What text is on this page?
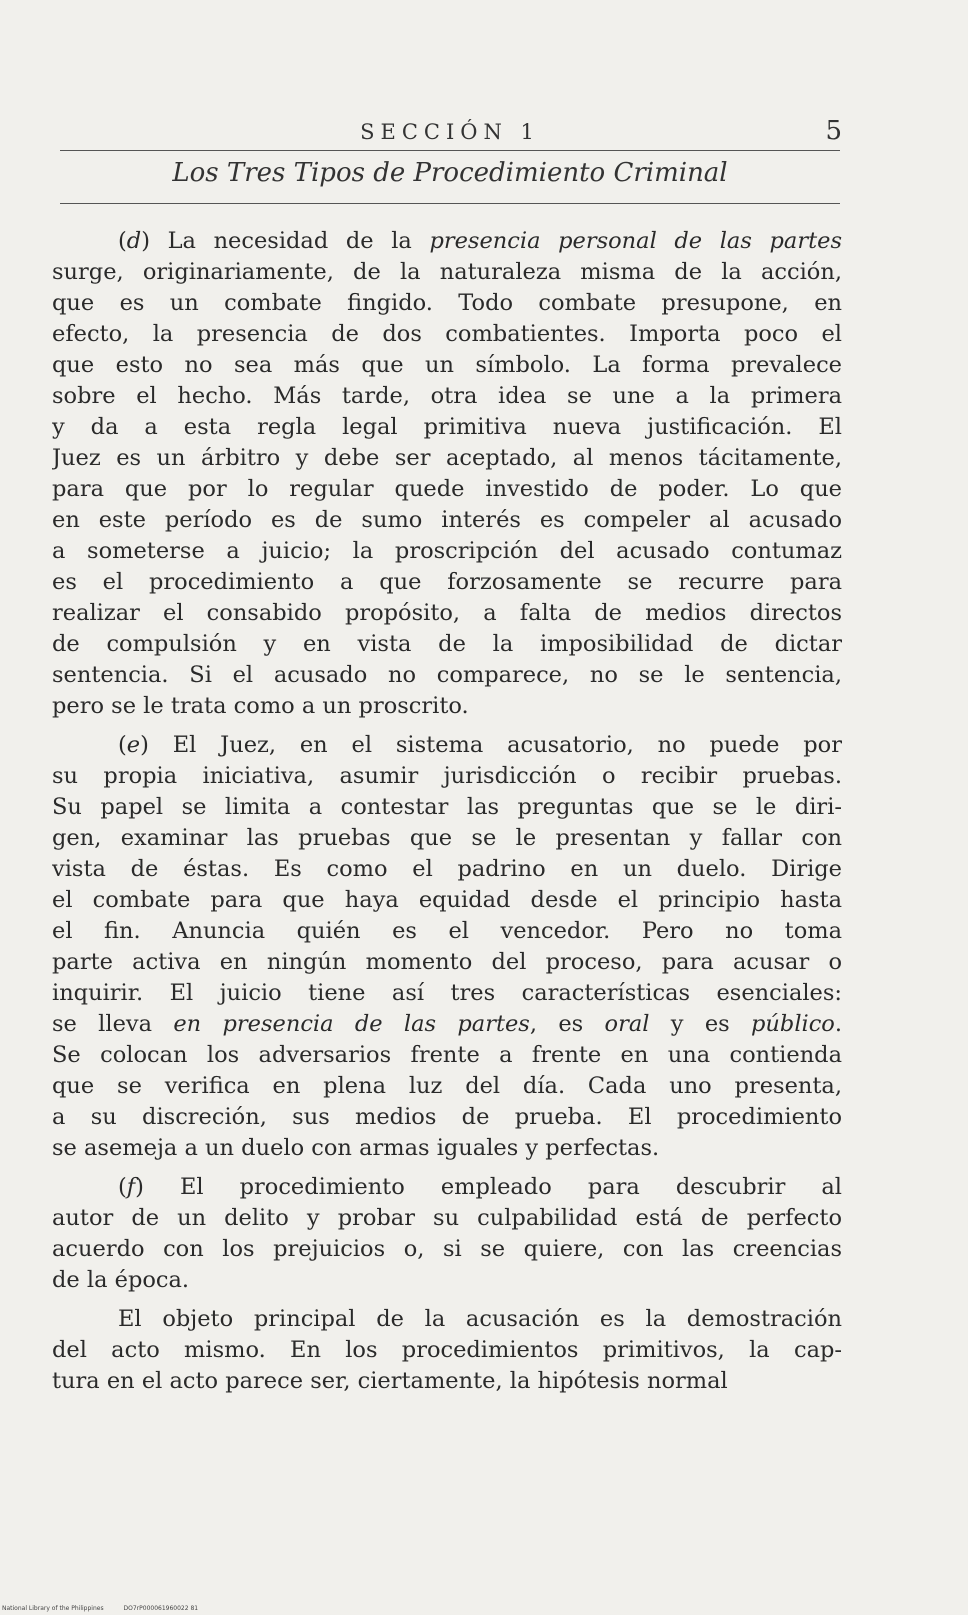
SECCIÓN 1	5
Los Tres Tipos de Procedimiento Criminal
(d) La necesidad de la presencia personal de las partes
surge, originariamente, de la naturaleza misma de la acción,
que es un combate fingido. Todo combate presupone, en
efecto, la presencia de dos combatientes. Importa poco el
que esto no sea más que un símbolo. La forma prevalece
sobre el hecho. Más tarde, otra idea se une a la primera
y da a esta regla legal primitiva nueva justificación. El
Juez es un árbitro y debe ser aceptado, al menos tácitamente,
para que por lo regular quede investido de poder. Lo que
en este período es de sumo interés es compeler al acusado
a someterse a juicio; la proscripción del acusado contumaz
es el procedimiento a que forzosamente se recurre para
realizar el consabido propósito, a falta de medios directos
de compulsión y en vista de la imposibilidad de dictar
sentencia. Si el acusado no comparece, no se le sentencia,
pero se le trata como a un proscrito.
(e) El Juez, en el sistema acusatorio, no puede por
su propia iniciativa, asumir jurisdicción o recibir pruebas.
Su papel se limita a contestar las preguntas que se le diri-
gen, examinar las pruebas que se le presentan y fallar con
vista de éstas. Es como el padrino en un duelo. Dirige
el combate para que haya equidad desde el principio hasta
el fin. Anuncia quién es el vencedor. Pero no toma
parte activa en ningún momento del proceso, para acusar o
inquirir. El juicio tiene así tres características esenciales:
se lleva en presencia de las partes, es oral y es público.
Se colocan los adversarios frente a frente en una contienda
que se verifica en plena luz del día. Cada uno presenta,
a su discreción, sus medios de prueba. El procedimiento
se asemeja a un duelo con armas iguales y perfectas.
(f) El procedimiento empleado para descubrir al
autor de un delito y probar su culpabilidad está de perfecto
acuerdo con los prejuicios o, si se quiere, con las creencias
de la época.
El objeto principal de la acusación es la demostración
del acto mismo. En los procedimientos primitivos, la cap-
tura en el acto parece ser, ciertamente, la hipótesis normal
National Library of the Philippines	DO7rP000061960022 81
